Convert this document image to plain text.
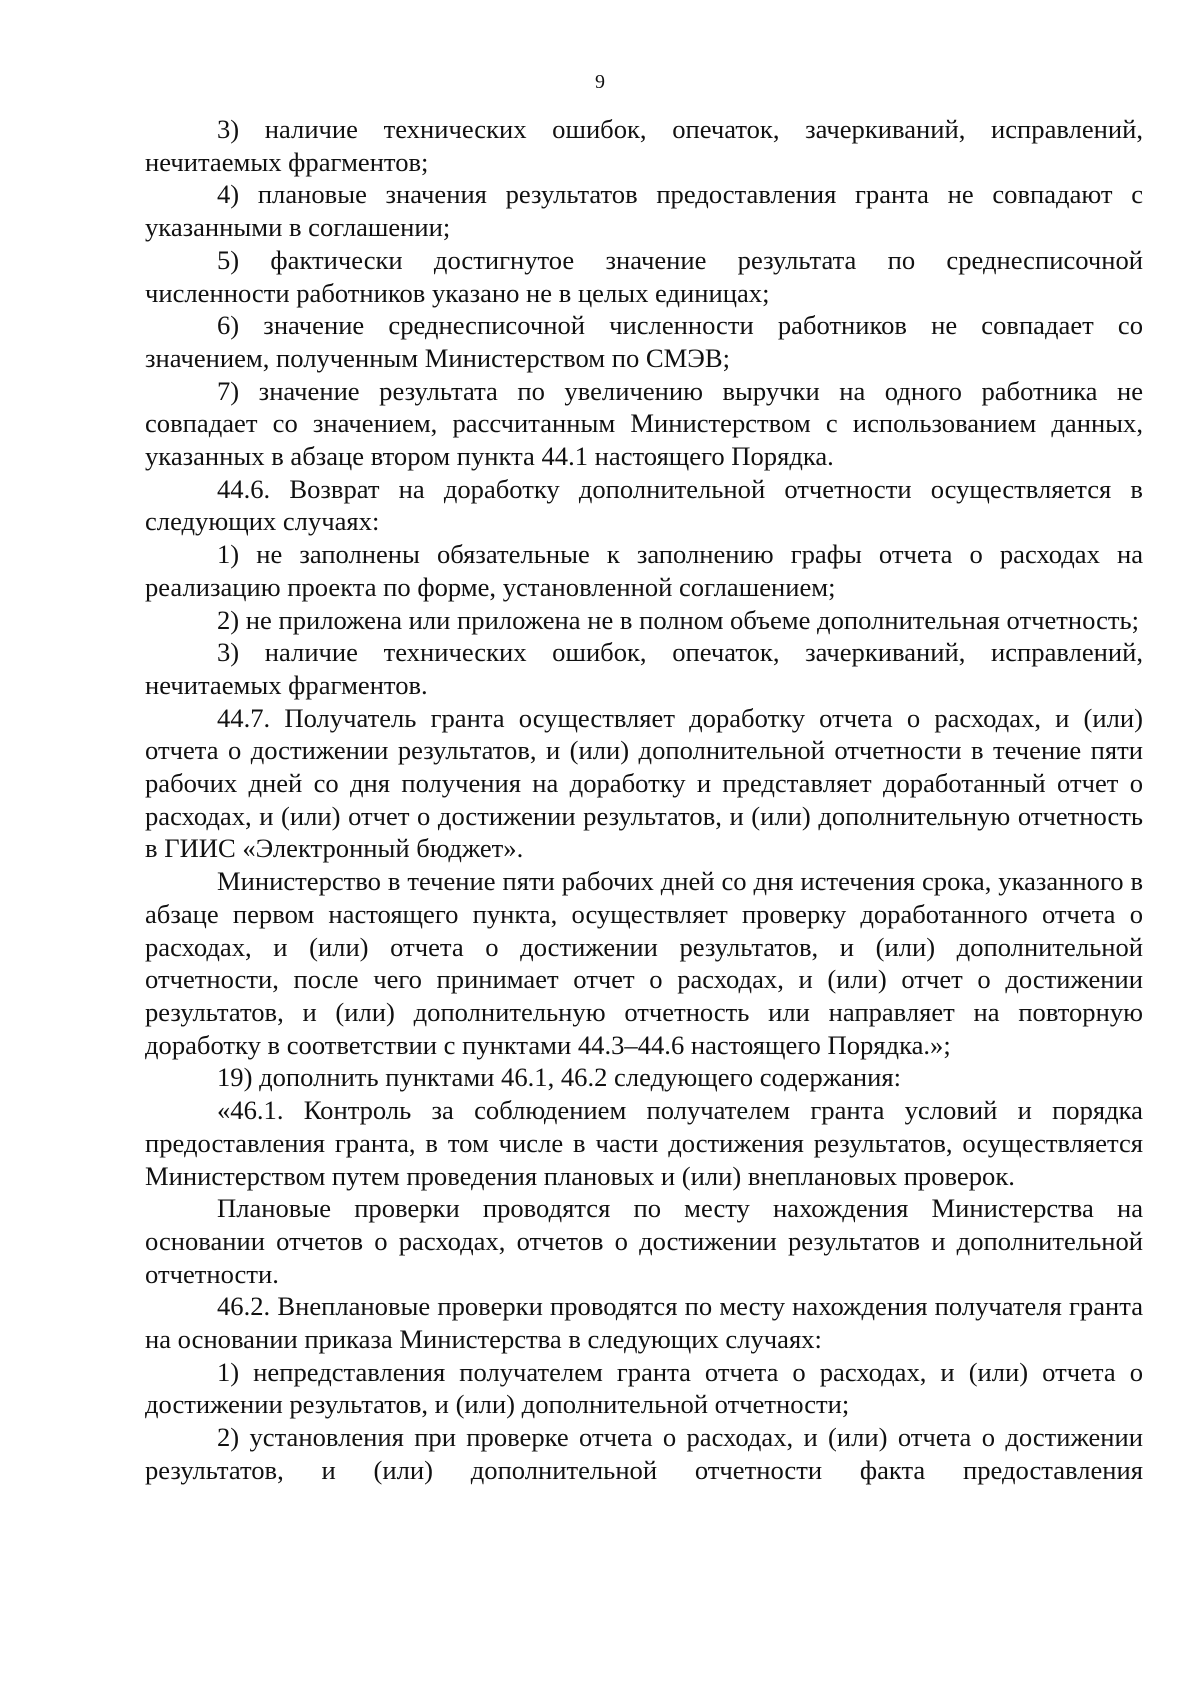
9

3) наличие технических ошибок, опечаток, зачеркиваний, исправлений, нечитаемых фрагментов;

4) плановые значения результатов предоставления гранта не совпадают с указанными в соглашении;

5) фактически достигнутое значение результата по среднесписочной численности работников указано не в целых единицах;

6) значение среднесписочной численности работников не совпадает со значением, полученным Министерством по СМЭВ;

7) значение результата по увеличению выручки на одного работника не совпадает со значением, рассчитанным Министерством с использованием данных, указанных в абзаце втором пункта 44.1 настоящего Порядка.

44.6. Возврат на доработку дополнительной отчетности осуществляется в следующих случаях:

1) не заполнены обязательные к заполнению графы отчета о расходах на реализацию проекта по форме, установленной соглашением;

2) не приложена или приложена не в полном объеме дополнительная отчетность;

3) наличие технических ошибок, опечаток, зачеркиваний, исправлений, нечитаемых фрагментов.

44.7. Получатель гранта осуществляет доработку отчета о расходах, и (или) отчета о достижении результатов, и (или) дополнительной отчетности в течение пяти рабочих дней со дня получения на доработку и представляет доработанный отчет о расходах, и (или) отчет о достижении результатов, и (или) дополнительную отчетность в ГИИС «Электронный бюджет».

Министерство в течение пяти рабочих дней со дня истечения срока, указанного в абзаце первом настоящего пункта, осуществляет проверку доработанного отчета о расходах, и (или) отчета о достижении результатов, и (или) дополнительной отчетности, после чего принимает отчет о расходах, и (или) отчет о достижении результатов, и (или) дополнительную отчетность или направляет на повторную доработку в соответствии с пунктами 44.3–44.6 настоящего Порядка.»;

19) дополнить пунктами 46.1, 46.2 следующего содержания:

«46.1. Контроль за соблюдением получателем гранта условий и порядка предоставления гранта, в том числе в части достижения результатов, осуществляется Министерством путем проведения плановых и (или) внеплановых проверок.

Плановые проверки проводятся по месту нахождения Министерства на основании отчетов о расходах, отчетов о достижении результатов и дополнительной отчетности.

46.2. Внеплановые проверки проводятся по месту нахождения получателя гранта на основании приказа Министерства в следующих случаях:

1) непредставления получателем гранта отчета о расходах, и (или) отчета о достижении результатов, и (или) дополнительной отчетности;

2) установления при проверке отчета о расходах, и (или) отчета о достижении результатов, и (или) дополнительной отчетности факта предоставления
